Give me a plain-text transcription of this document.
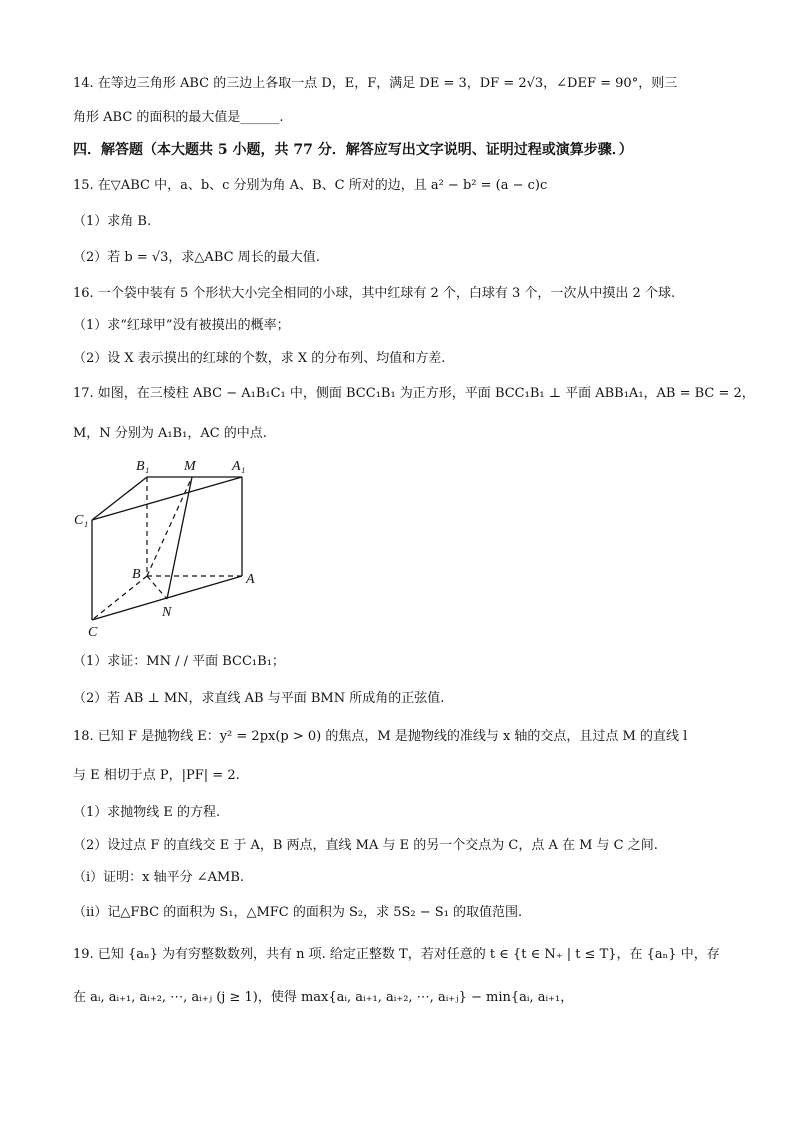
14. 在等边三角形 ABC 的三边上各取一点 D，E，F，满足 DE = 3，DF = 2√3，∠DEF = 90°，则三
角形 ABC 的面积的最大值是______.
四．解答题（本大题共 5 小题，共 77 分．解答应写出文字说明、证明过程或演算步骤．）
15. 在▽ABC 中，a、b、c 分别为角 A、B、C 所对的边，且 a² − b² = (a − c)c
（1）求角 B.
（2）若 b = √3，求△ABC 周长的最大值.
16. 一个袋中装有 5 个形状大小完全相同的小球，其中红球有 2 个，白球有 3 个，一次从中摸出 2 个球.
（1）求“红球甲”没有被摸出的概率；
（2）设 X 表示摸出的红球的个数，求 X 的分布列、均值和方差.
17. 如图，在三棱柱 ABC − A₁B₁C₁ 中，侧面 BCC₁B₁ 为正方形，平面 BCC₁B₁ ⊥ 平面 ABB₁A₁，AB = BC = 2，
M，N 分别为 A₁B₁，AC 的中点.
B₁ M	A₁
C₁
B	A
N
C
（1）求证：MN / / 平面 BCC₁B₁；
（2）若 AB ⊥ MN，求直线 AB 与平面 BMN 所成角的正弦值.
18. 已知 F 是抛物线 E：y² = 2px(p > 0) 的焦点，M 是抛物线的准线与 x 轴的交点，且过点 M 的直线 l
与 E 相切于点 P，|PF| = 2.
（1）求抛物线 E 的方程.
（2）设过点 F 的直线交 E 于 A，B 两点，直线 MA 与 E 的另一个交点为 C，点 A 在 M 与 C 之间.
（i）证明：x 轴平分 ∠AMB.
（ii）记△FBC 的面积为 S₁，△MFC 的面积为 S₂，求 5S₂ − S₁ 的取值范围.
19. 已知 {aₙ} 为有穷整数数列，共有 n 项. 给定正整数 T，若对任意的 t ∈ {t ∈ N₊ | t ≤ T}，在 {aₙ} 中，存
在 aᵢ, aᵢ₊₁, aᵢ₊₂, ⋯, aᵢ₊ⱼ (j ≥ 1)，使得 max{aᵢ, aᵢ₊₁, aᵢ₊₂, ⋯, aᵢ₊ⱼ} − min{aᵢ, aᵢ₊₁，
